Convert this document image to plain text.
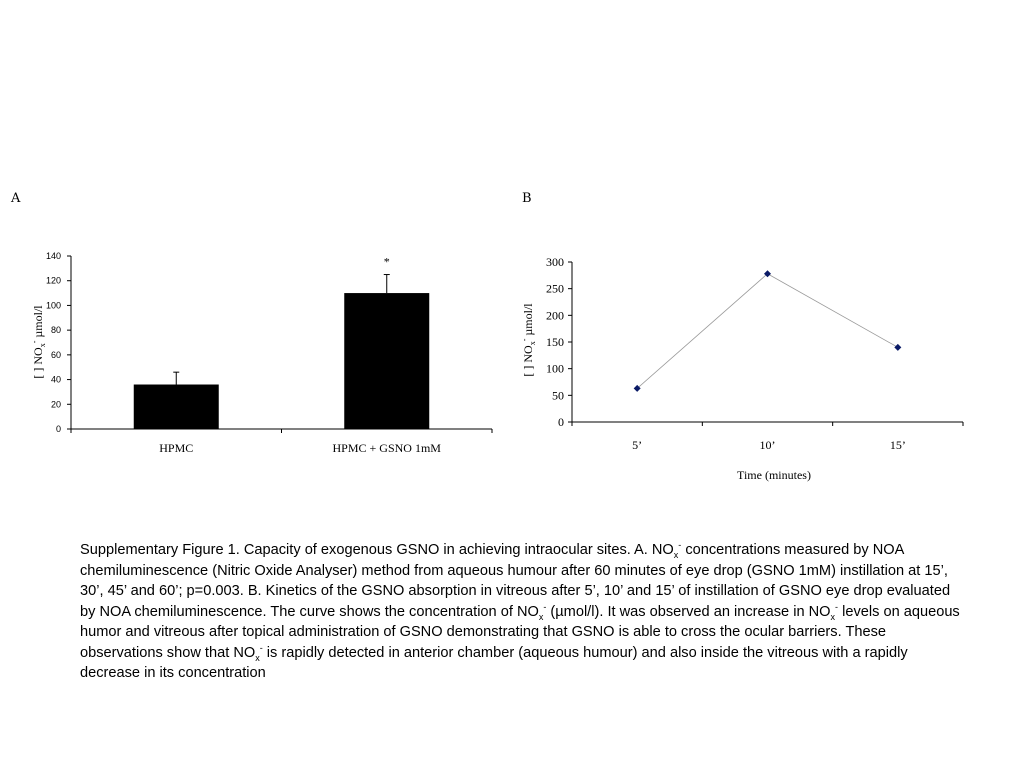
A	B
0
20
40
60
80
100
120
140
HPMC	HPMC + GSNO 1mM
*
[ ] $NO_x^-$ µmol/l
0
50
100
150
200
250
300
5’	10’	15’
[ ] $NO_x^-$ µmol/l
Time (minutes)
Supplementary Figure 1. Capacity of exogenous GSNO in achieving intraocular sites. A. $NO_x^-$ concentrations measured by NOA chemiluminescence (Nitric Oxide Analyser) method from aqueous humour after 60 minutes of eye drop (GSNO 1mM) instillation at 15’, 30’, 45’ and 60’; p=0.003. B. Kinetics of the GSNO absorption in vitreous after 5’, 10’ and 15’ of instillation of GSNO eye drop evaluated by NOA chemiluminescence. The curve shows the concentration of $NO_x^-$ (µmol/l). It was observed an increase in $NO_x^-$ levels on aqueous humor and vitreous after topical administration of GSNO demonstrating that GSNO is able to cross the ocular barriers. These observations show that $NO_x^-$ is rapidly detected in anterior chamber (aqueous humour) and also inside the vitreous with a rapidly decrease in its concentration
